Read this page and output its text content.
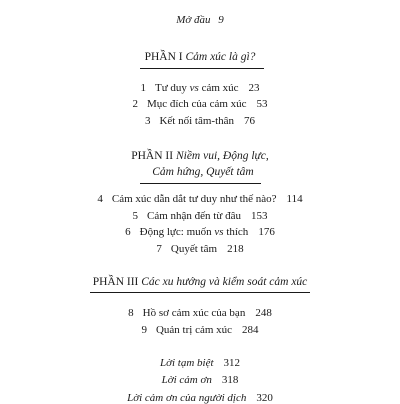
Mở đầu 9
PHẦN I Cảm xúc là gì?
1 Tư duy vs cảm xúc 23
2 Mục đích của cảm xúc 53
3 Kết nối tâm-thân 76
PHẦN II Niềm vui, Động lực,
Cảm hứng, Quyết tâm
4 Cảm xúc dẫn dắt tư duy như thế nào? 114
5 Cảm nhận đến từ đâu 153
6 Động lực: muốn vs thích 176
7 Quyết tâm 218
PHẦN III Các xu hướng và kiểm soát cảm xúc
8 Hồ sơ cảm xúc của bạn 248
9 Quản trị cảm xúc 284
Lời tạm biệt 312
Lời cảm ơn 318
Lời cảm ơn của người dịch 320
